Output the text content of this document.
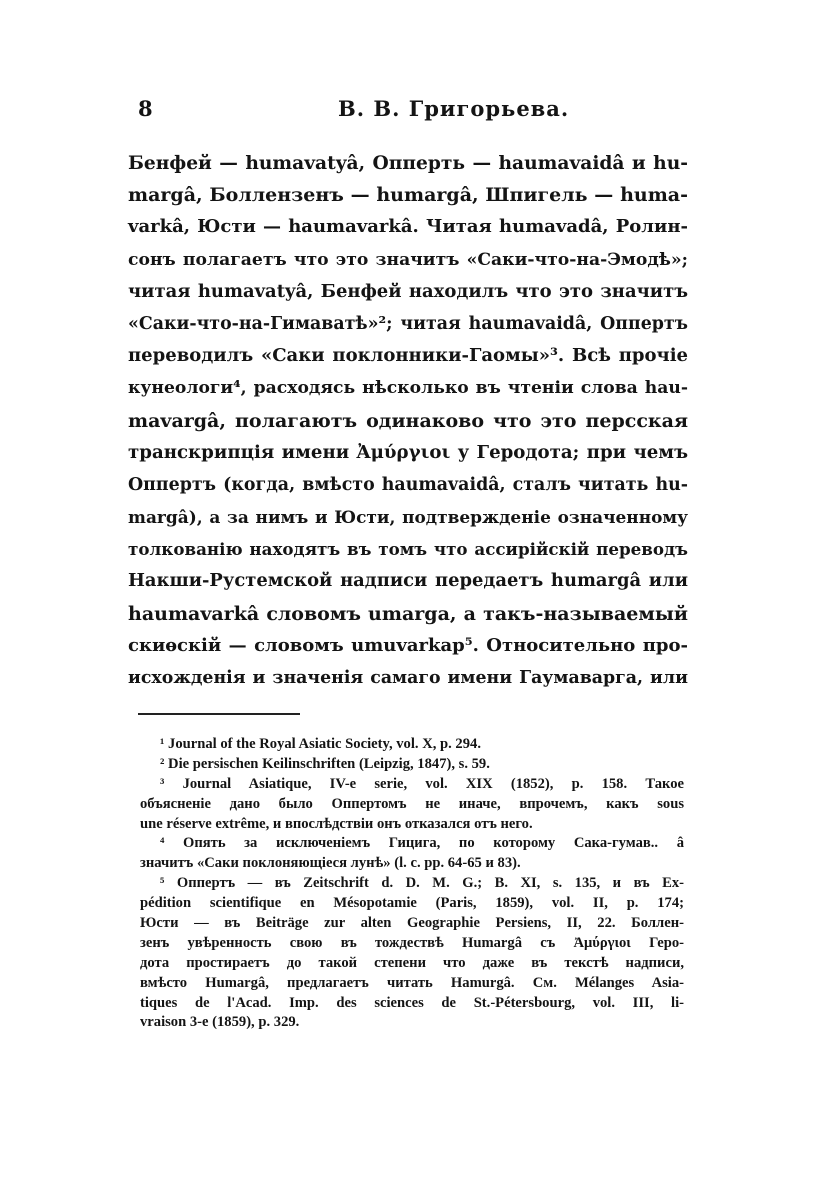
8	В. В. Григорьева.
Бенфей — humavatyâ, Опперть — haumavaidâ и hu-
margâ, Боллензенъ — humargâ, Шпигель — huma-
varkâ, Юсти — haumavarkâ. Читая humavadâ, Ролин-
сонъ полагаетъ что это значитъ «Саки-что-на-Эмодѣ»;
читая humavatyâ, Бенфей находилъ что это значитъ
«Саки-что-на-Гимаватѣ»²; читая haumavaidâ, Оппертъ
переводилъ «Саки поклонники-Гаомы»³. Всѣ прочіе
кунеологи⁴, расходясь нѣсколько въ чтеніи слова hau-
mavargâ, полагаютъ одинаково что это персская
транскрипція имени Ἀμύργιοι у Геродота; при чемъ
Оппертъ (когда, вмѣсто haumavaidâ, сталъ читать hu-
margâ), а за нимъ и Юсти, подтвержденіе означенному
толкованію находятъ въ томъ что ассирійскій переводъ
Накши-Рустемской надписи передаетъ humargâ или
haumavarkâ словомъ umarga, а такъ-называемый
скиѳскій — словомъ umuvarkap⁵. Относительно про-
исхожденія и значенія самаго имени Гаумаварга, или
¹ Journal of the Royal Asiatic Society, vol. X, p. 294.
² Die persischen Keilinschriften (Leipzig, 1847), s. 59.
³ Journal Asiatique, IV-e serie, vol. XIX (1852), p. 158. Такое
объясненіе дано было Оппертомъ не иначе, впрочемъ, какъ sous
une réserve extrême, и впослѣдствіи онъ отказался отъ него.
⁴ Опять за исключеніемъ Гицига, по которому Сака-гумав.. â
значитъ «Саки поклоняющіеся лунѣ» (l. c. pp. 64-65 и 83).
⁵ Оппертъ — въ Zeitschrift d. D. M. G.; B. XI, s. 135, и въ Ex-
pédition scientifique en Mésopotamie (Paris, 1859), vol. II, p. 174;
Юсти — въ Beiträge zur alten Geographie Persiens, II, 22. Боллен-
зенъ увѣренность свою въ тождествѣ Humargâ съ Ἀμύργιοι Геро-
дота простираетъ до такой степени что даже въ текстѣ надписи,
вмѣсто Humargâ, предлагаетъ читать Hamurgâ. См. Mélanges Asia-
tiques de l'Acad. Imp. des sciences de St.-Pétersbourg, vol. III, li-
vraison 3-e (1859), p. 329.
